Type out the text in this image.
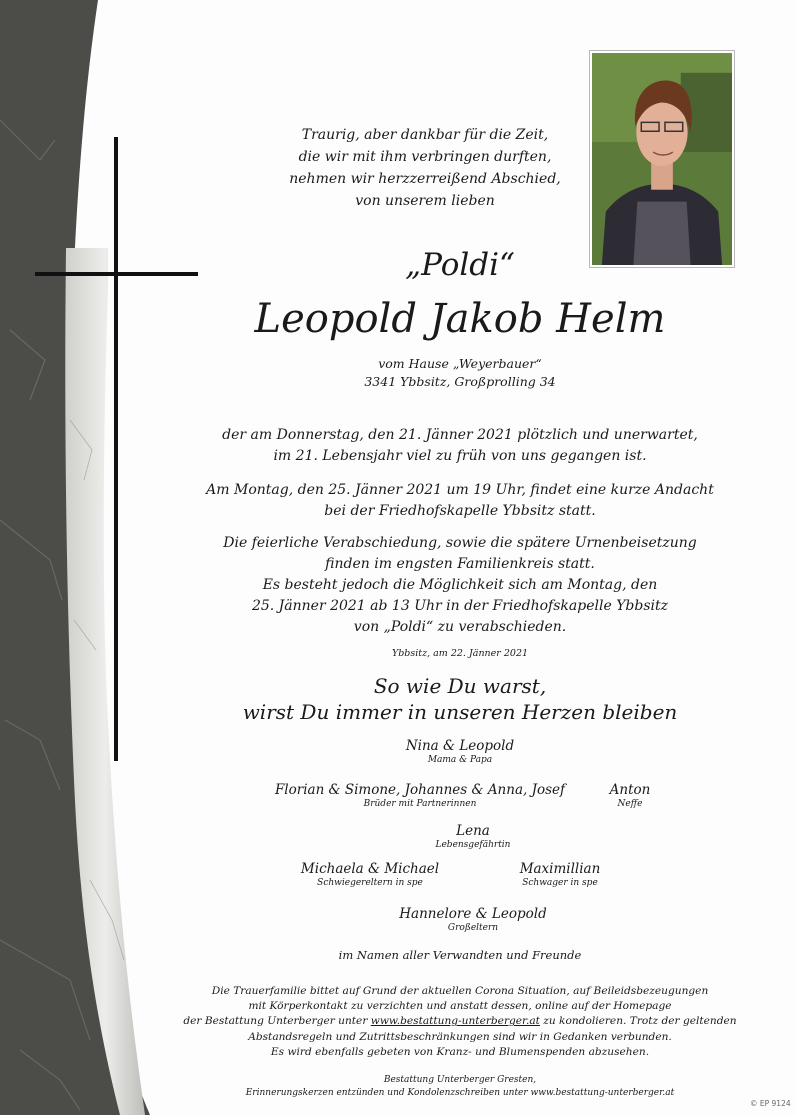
Traurig, aber dankbar für die Zeit,
die wir mit ihm verbringen durften,
nehmen wir herzzerreißend Abschied,
von unserem lieben
„Poldi“
Leopold Jakob Helm
vom Hause „Weyerbauer“
3341 Ybbsitz, Großprolling 34
der am Donnerstag, den 21. Jänner 2021 plötzlich und unerwartet,
im 21. Lebensjahr viel zu früh von uns gegangen ist.
Am Montag, den 25. Jänner 2021 um 19 Uhr, findet eine kurze Andacht
bei der Friedhofskapelle Ybbsitz statt.
Die feierliche Verabschiedung, sowie die spätere Urnenbeisetzung
finden im engsten Familienkreis statt.
Es besteht jedoch die Möglichkeit sich am Montag, den
25. Jänner 2021 ab 13 Uhr in der Friedhofskapelle Ybbsitz
von „Poldi“ zu verabschieden.
Ybbsitz, am 22. Jänner 2021
So wie Du warst,
wirst Du immer in unseren Herzen bleiben
Nina & Leopold
Mama & Papa
Florian & Simone, Johannes & Anna, Josef
Brüder mit Partnerinnen
Anton
Neffe
Lena
Lebensgefährtin
Michaela & Michael
Schwiegereltern in spe
Maximillian
Schwager in spe
Hannelore & Leopold
Großeltern
im Namen aller Verwandten und Freunde
Die Trauerfamilie bittet auf Grund der aktuellen Corona Situation, auf Beileidsbezeugungen
mit Körperkontakt zu verzichten und anstatt dessen, online auf der Homepage
der Bestattung Unterberger unter www.bestattung-unterberger.at zu kondolieren. Trotz der geltenden
Abstandsregeln und Zutrittsbeschränkungen sind wir in Gedanken verbunden.
Es wird ebenfalls gebeten von Kranz- und Blumenspenden abzusehen.
Bestattung Unterberger Gresten,
Erinnerungskerzen entzünden und Kondolenzschreiben unter www.bestattung-unterberger.at
© EP 9124
